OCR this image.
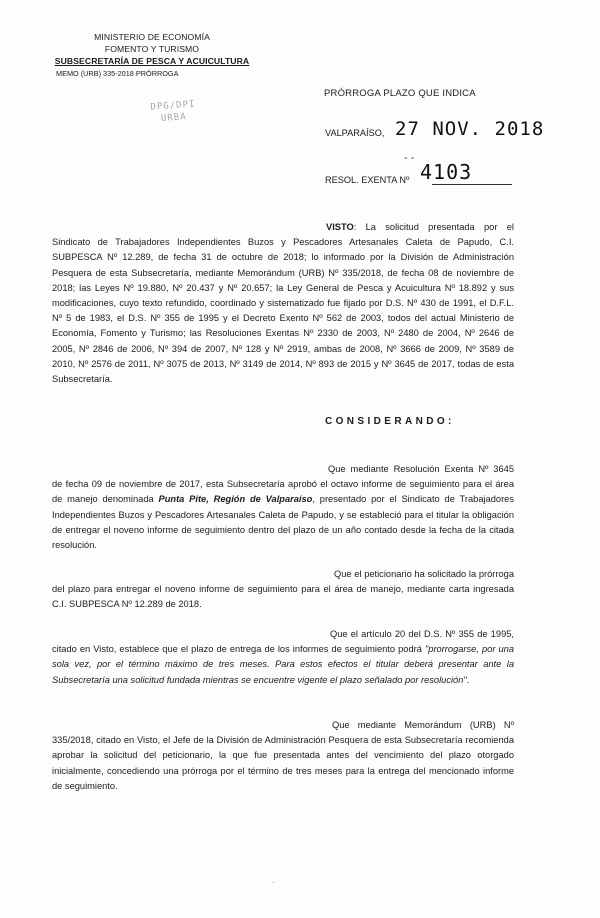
MINISTERIO DE ECONOMÍA
FOMENTO Y TURISMO
SUBSECRETARÍA DE PESCA Y ACUICULTURA
MEMO (URB) 335-2018 PRÓRROGA
DPG/DPI
URBA
PRÓRROGA PLAZO QUE INDICA
VALPARAÍSO, 27 NOV. 2018
- -
RESOL. EXENTA Nº 4103
VISTO: La solicitud presentada por el Sindicato de Trabajadores Independientes Buzos y Pescadores Artesanales Caleta de Papudo, C.I. SUBPESCA Nº 12.289, de fecha 31 de octubre de 2018; lo informado por la División de Administración Pesquera de esta Subsecretaría, mediante Memorándum (URB) Nº 335/2018, de fecha 08 de noviembre de 2018; las Leyes Nº 19.880, Nº 20.437 y Nº 20.657; la Ley General de Pesca y Acuicultura Nº 18.892 y sus modificaciones, cuyo texto refundido, coordinado y sistematizado fue fijado por D.S. Nº 430 de 1991, el D.F.L. Nº 5 de 1983, el D.S. Nº 355 de 1995 y el Decreto Exento Nº 562 de 2003, todos del actual Ministerio de Economía, Fomento y Turismo; las Resoluciones Exentas Nº 2330 de 2003, Nº 2480 de 2004, Nº 2646 de 2005, Nº 2846 de 2006, Nº 394 de 2007, Nº 128 y Nº 2919, ambas de 2008, Nº 3666 de 2009, Nº 3589 de 2010, Nº 2576 de 2011, Nº 3075 de 2013, Nº 3149 de 2014, Nº 893 de 2015 y Nº 3645 de 2017, todas de esta Subsecretaría.
CONSIDERANDO:
Que mediante Resolución Exenta Nº 3645 de fecha 09 de noviembre de 2017, esta Subsecretaría aprobó el octavo informe de seguimiento para el área de manejo denominada Punta Pite, Región de Valparaíso, presentado por el Sindicato de Trabajadores Independientes Buzos y Pescadores Artesanales Caleta de Papudo, y se estableció para el titular la obligación de entregar el noveno informe de seguimiento dentro del plazo de un año contado desde la fecha de la citada resolución.
Que el peticionario ha solicitado la prórroga del plazo para entregar el noveno informe de seguimiento para el área de manejo, mediante carta ingresada C.I. SUBPESCA Nº 12.289 de 2018.
Que el artículo 20 del D.S. Nº 355 de 1995, citado en Visto, establece que el plazo de entrega de los informes de seguimiento podrá "prorrogarse, por una sola vez, por el término máximo de tres meses. Para estos efectos el titular deberá presentar ante la Subsecretaría una solicitud fundada mientras se encuentre vigente el plazo señalado por resolución".
Que mediante Memorándum (URB) Nº 335/2018, citado en Visto, el Jefe de la División de Administración Pesquera de esta Subsecretaría recomienda aprobar la solicitud del peticionario, la que fue presentada antes del vencimiento del plazo otorgado inicialmente, concediendo una prórroga por el término de tres meses para la entrega del mencionado informe de seguimiento.
·
